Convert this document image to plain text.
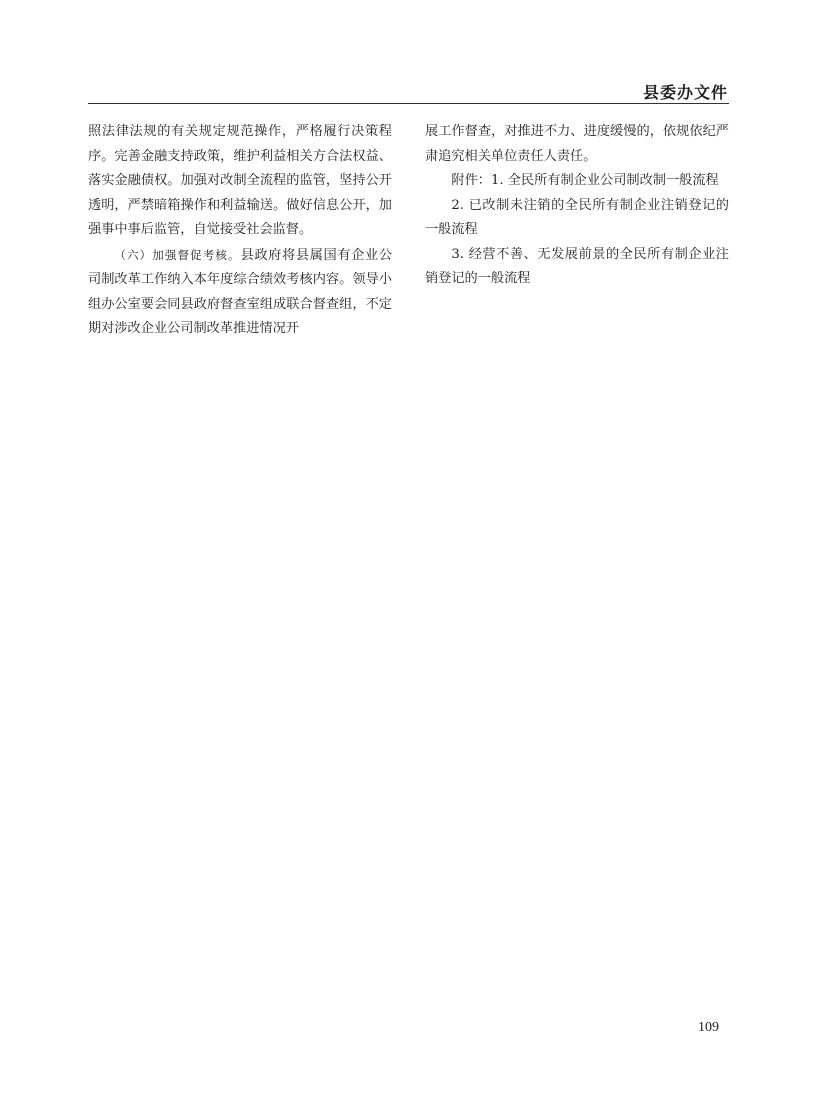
县委办文件

照法律法规的有关规定规范操作，严格履行决策程序。完善金融支持政策，维护利益相关方合法权益、落实金融债权。加强对改制全流程的监管，坚持公开透明，严禁暗箱操作和利益输送。做好信息公开，加强事中事后监管，自觉接受社会监督。

（六）加强督促考核。县政府将县属国有企业公司制改革工作纳入本年度综合绩效考核内容。领导小组办公室要会同县政府督查室组成联合督查组，不定期对涉改企业公司制改革推进情况开

展工作督查，对推进不力、进度缓慢的，依规依纪严肃追究相关单位责任人责任。

附件：1. 全民所有制企业公司制改制一般流程

2. 已改制未注销的全民所有制企业注销登记的一般流程

3. 经营不善、无发展前景的全民所有制企业注销登记的一般流程

109
